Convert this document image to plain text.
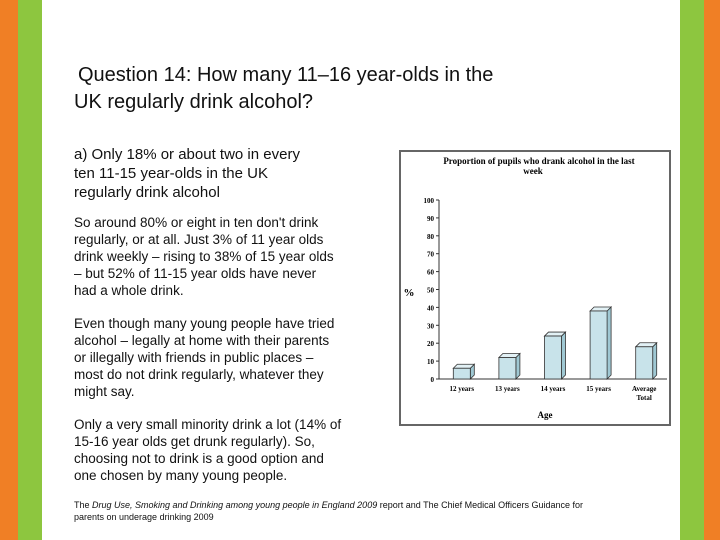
Question 14: How many 11–16 year-olds in the
UK regularly drink alcohol?
a) Only 18% or about two in every
ten 11-15 year-olds in the UK
regularly drink alcohol
So around 80% or eight in ten don't drink
regularly, or at all. Just 3% of 11 year olds
drink weekly – rising to 38% of 15 year olds
– but 52% of 11-15 year olds have never
had a whole drink.
Even though many young people have tried
alcohol – legally at home with their parents
or illegally with friends in public places –
most do not drink regularly, whatever they
might say.
Only a very small minority drink a lot (14% of
15-16 year olds get drunk regularly). So,
choosing not to drink is a good option and
one chosen by many young people.
The Drug Use, Smoking and Drinking among young people in England 2009 report and The Chief Medical Officers Guidance for
parents on underage drinking 2009
Proportion of pupils who drank alcohol in the last
week
%
Age
0
10
20
30
40
50
60
70
80
90
100
12 years	13 years	14 years	15 years	Average
Total
